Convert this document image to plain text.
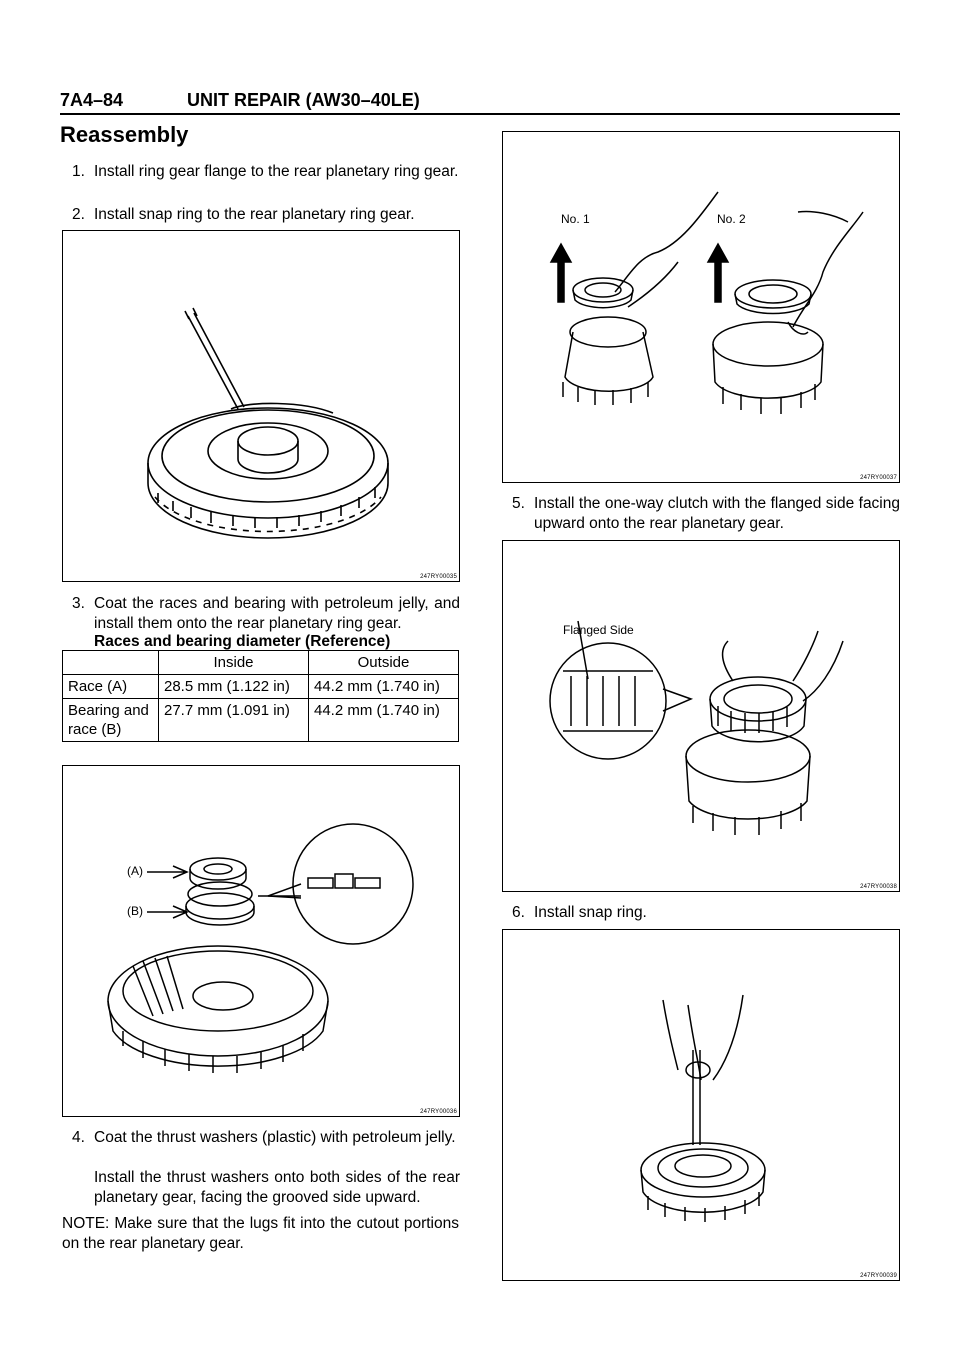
7A4–84	UNIT REPAIR (AW30–40LE)
Reassembly
1. Install ring gear flange to the rear planetary ring gear.
2. Install snap ring to the rear planetary ring gear.
247RY00035
3. Coat the races and bearing with petroleum jelly, and install them onto the rear planetary ring gear.
Races and bearing diameter (Reference)
	Inside	Outside
Race (A)	28.5 mm (1.122 in)	44.2 mm (1.740 in)
Bearing and race (B)	27.7 mm (1.091 in)	44.2 mm (1.740 in)
(A)
(B)
247RY00036
4. Coat the thrust washers (plastic) with petroleum jelly.
Install the thrust washers onto both sides of the rear planetary gear, facing the grooved side upward.
NOTE: Make sure that the lugs fit into the cutout portions on the rear planetary gear.
No. 1	No. 2
247RY00037
5. Install the one-way clutch with the flanged side facing upward onto the rear planetary gear.
Flanged Side
247RY00038
6. Install snap ring.
247RY00039
